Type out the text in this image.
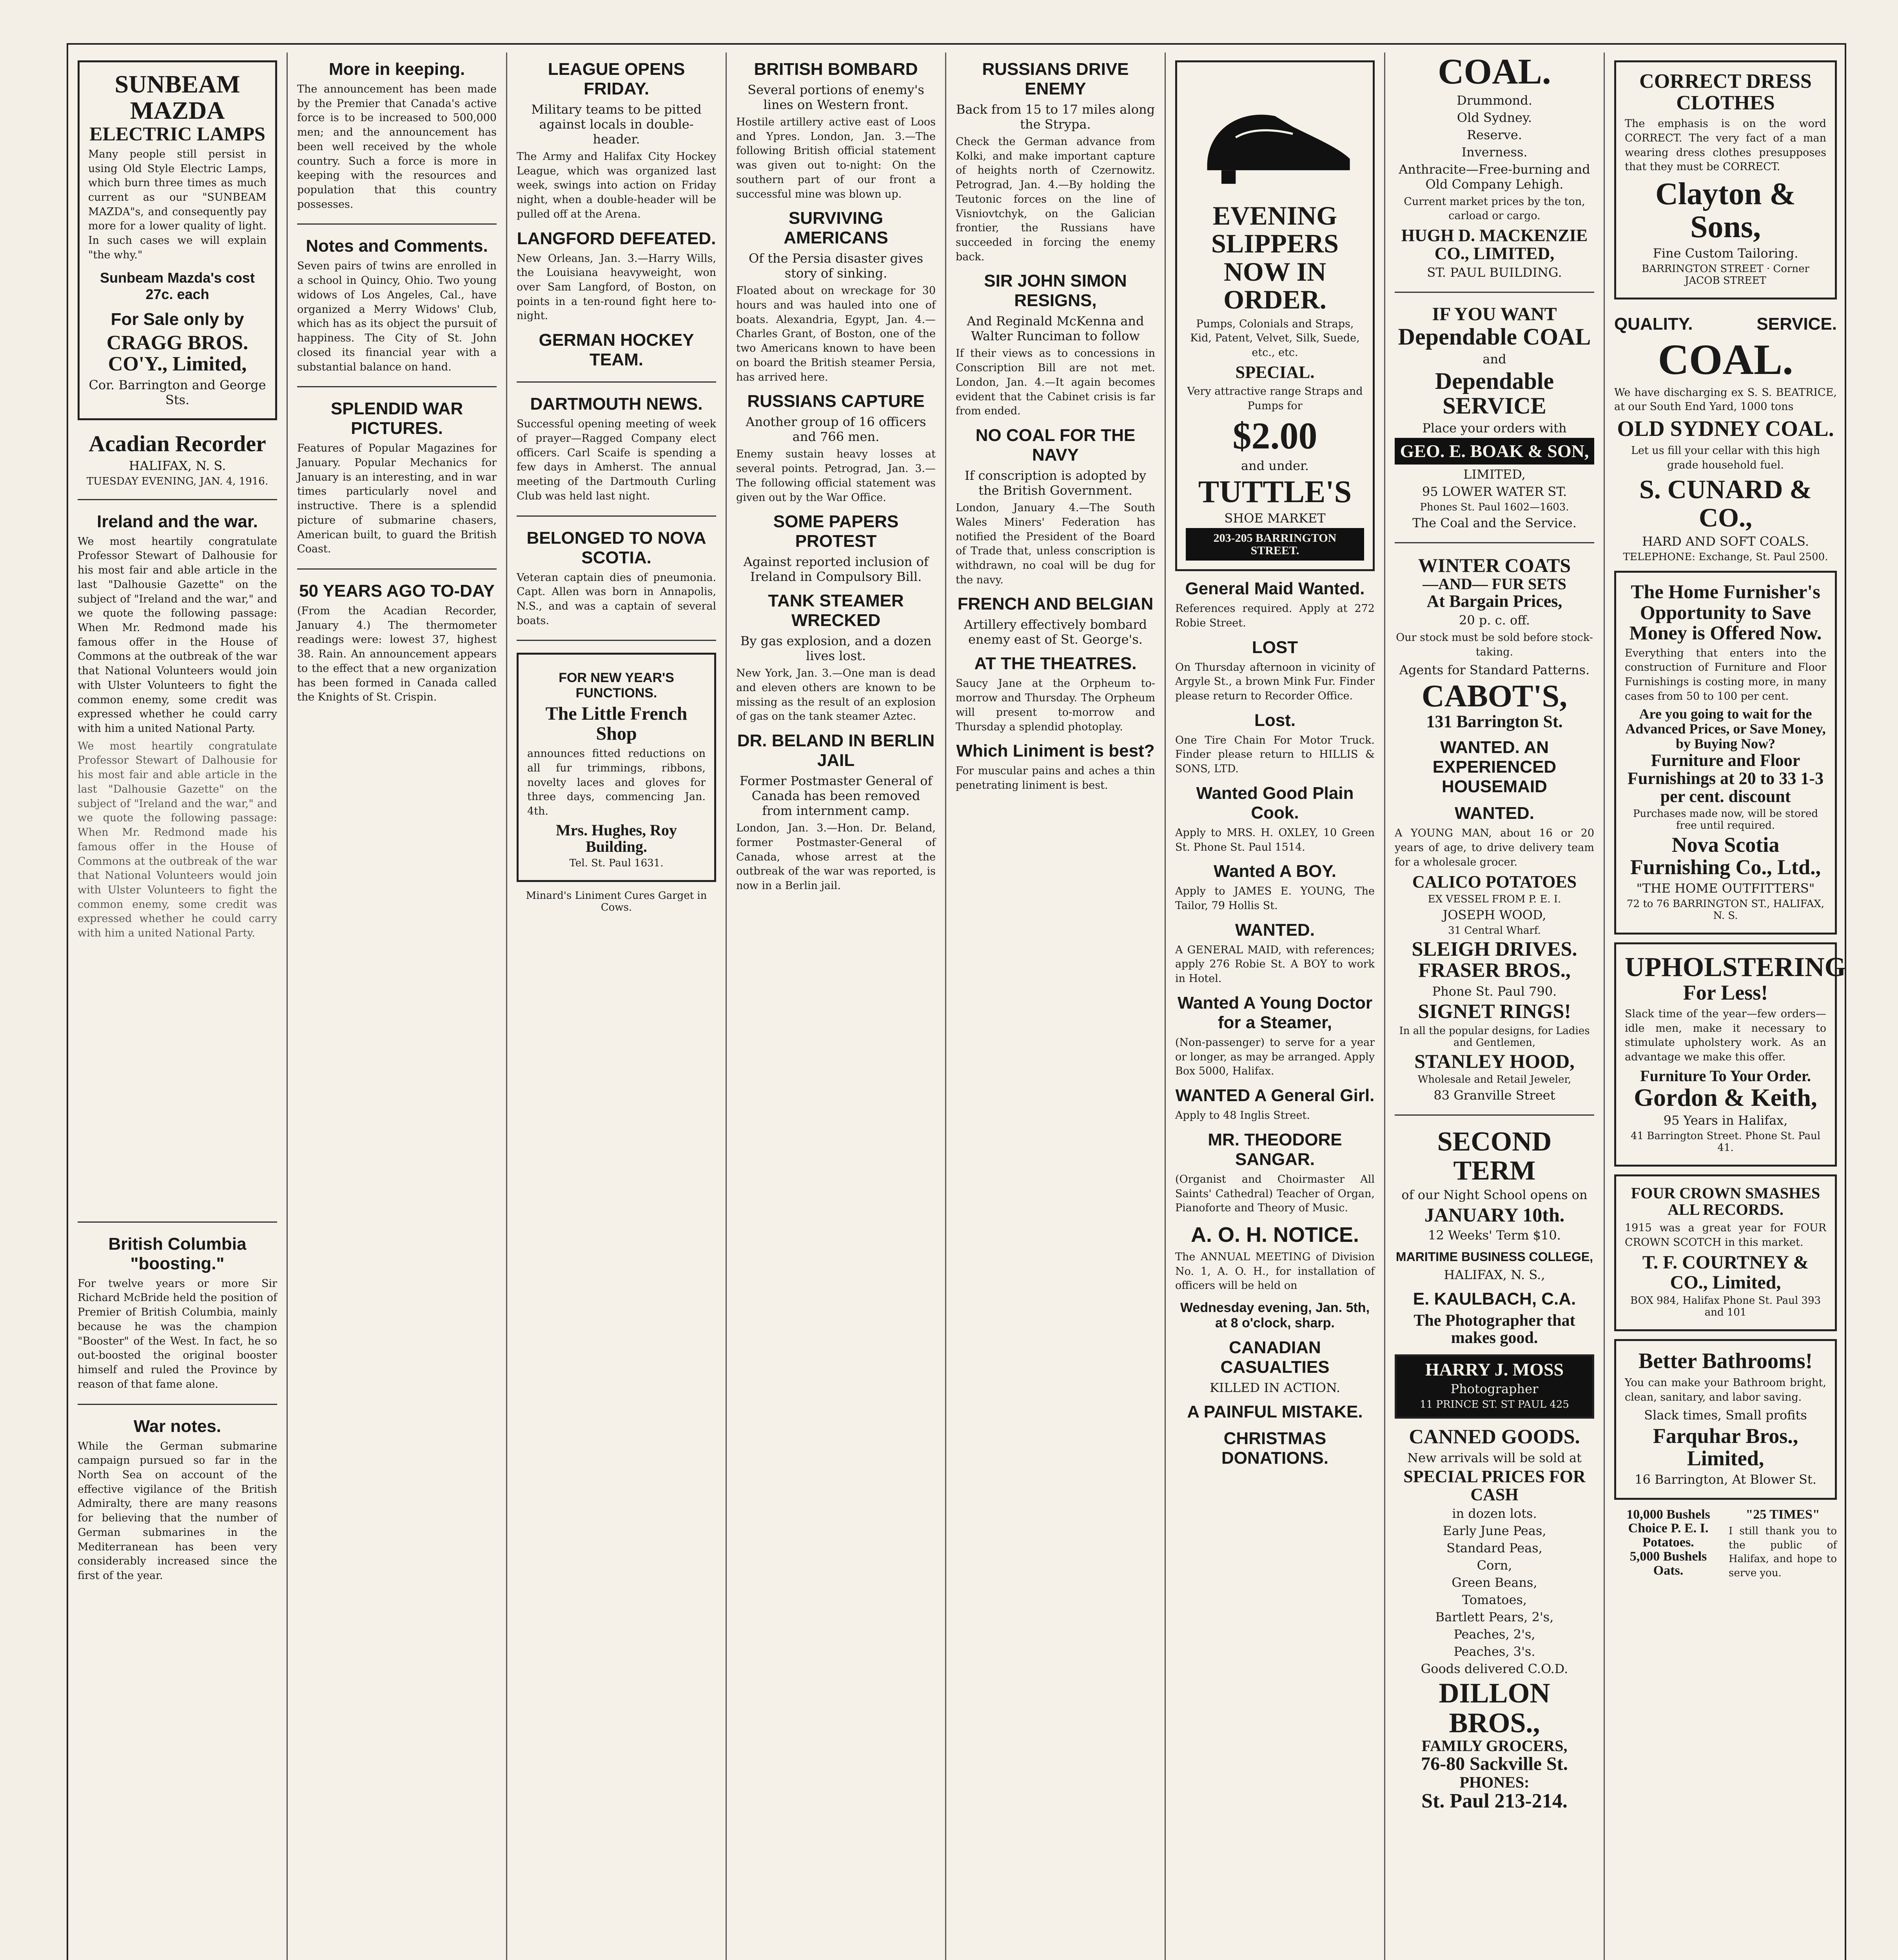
SUNBEAM MAZDA
ELECTRIC LAMPS

Many people still persist in using Old Style Electric Lamps, which burn three times as much current as our "SUNBEAM MAZDA"s, and consequently pay more for a lower quality of light. In such cases we will explain "the why."

Sunbeam Mazda's cost 27c. each
For Sale only by
CRAGG BROS. CO'Y., Limited,
Cor. Barrington and George Sts.
Acadian Recorder
HALIFAX, N. S.
TUESDAY EVENING, JAN. 4, 1916.
Ireland and the war.

We most heartily congratulate Professor Stewart of Dalhousie for his most fair and able article in the last "Dalhousie Gazette" on the subject of "Ireland and the war," and we quote the following passage: When Mr. Redmond made his famous offer in the House of Commons at the outbreak of the war that National Volunteers would join with Ulster Volunteers to fight the common enemy, some credit was expressed whether he could carry with him a united National Party.

We most heartily congratulate Professor Stewart of Dalhousie for his most fair and able article in the last "Dalhousie Gazette" on the subject of "Ireland and the war," and we quote the following passage: When Mr. Redmond made his famous offer in the House of Commons at the outbreak of the war that National Volunteers would join with Ulster Volunteers to fight the common enemy, some credit was expressed whether he could carry with him a united National Party.

British Columbia "boosting."

For twelve years or more Sir Richard McBride held the position of Premier of British Columbia, mainly because he was the champion "Booster" of the West. In fact, he so out-boosted the original booster himself and ruled the Province by reason of that fame alone.

War notes.

While the German submarine campaign pursued so far in the North Sea on account of the effective vigilance of the British Admiralty, there are many reasons for believing that the number of German submarines in the Mediterranean has been very considerably increased since the first of the year.

More in keeping.

The announcement has been made by the Premier that Canada's active force is to be increased to 500,000 men; and the announcement has been well received by the whole country. Such a force is more in keeping with the resources and population that this country possesses.

Notes and Comments.

Seven pairs of twins are enrolled in a school in Quincy, Ohio. Two young widows of Los Angeles, Cal., have organized a Merry Widows' Club, which has as its object the pursuit of happiness. The City of St. John closed its financial year with a substantial balance on hand.

SPLENDID WAR PICTURES.

Features of Popular Magazines for January. Popular Mechanics for January is an interesting, and in war times particularly novel and instructive. There is a splendid picture of submarine chasers, American built, to guard the British Coast.

50 YEARS AGO TO-DAY

(From the Acadian Recorder, January 4.) The thermometer readings were: lowest 37, highest 38. Rain. An announcement appears to the effect that a new organization has been formed in Canada called the Knights of St. Crispin.

LEAGUE OPENS FRIDAY.
Military teams to be pitted against locals in double-header.

The Army and Halifax City Hockey League, which was organized last week, swings into action on Friday night, when a double-header will be pulled off at the Arena.

LANGFORD DEFEATED.

New Orleans, Jan. 3.—Harry Wills, the Louisiana heavyweight, won over Sam Langford, of Boston, on points in a ten-round fight here to-night.

GERMAN HOCKEY TEAM.
DARTMOUTH NEWS.

Successful opening meeting of week of prayer—Ragged Company elect officers. Carl Scaife is spending a few days in Amherst. The annual meeting of the Dartmouth Curling Club was held last night.

BELONGED TO NOVA SCOTIA.

Veteran captain dies of pneumonia. Capt. Allen was born in Annapolis, N.S., and was a captain of several boats.

FOR NEW YEAR'S FUNCTIONS.
The Little French Shop

announces fitted reductions on all fur trimmings, ribbons, novelty laces and gloves for three days, commencing Jan. 4th.

Mrs. Hughes, Roy Building.
Tel. St. Paul 1631.
Minard's Liniment Cures Garget in Cows.
BRITISH BOMBARD
Several portions of enemy's lines on Western front.

Hostile artillery active east of Loos and Ypres. London, Jan. 3.—The following British official statement was given out to-night: On the southern part of our front a successful mine was blown up.

SURVIVING AMERICANS
Of the Persia disaster gives story of sinking.

Floated about on wreckage for 30 hours and was hauled into one of boats. Alexandria, Egypt, Jan. 4.—Charles Grant, of Boston, one of the two Americans known to have been on board the British steamer Persia, has arrived here.

RUSSIANS CAPTURE
Another group of 16 officers and 766 men.

Enemy sustain heavy losses at several points. Petrograd, Jan. 3.—The following official statement was given out by the War Office.

SOME PAPERS PROTEST
Against reported inclusion of Ireland in Compulsory Bill.
TANK STEAMER WRECKED
By gas explosion, and a dozen lives lost.

New York, Jan. 3.—One man is dead and eleven others are known to be missing as the result of an explosion of gas on the tank steamer Aztec.

DR. BELAND IN BERLIN JAIL
Former Postmaster General of Canada has been removed from internment camp.

London, Jan. 3.—Hon. Dr. Beland, former Postmaster-General of Canada, whose arrest at the outbreak of the war was reported, is now in a Berlin jail.

RUSSIANS DRIVE ENEMY
Back from 15 to 17 miles along the Strypa.

Check the German advance from Kolki, and make important capture of heights north of Czernowitz. Petrograd, Jan. 4.—By holding the Teutonic forces on the line of Visniovtchyk, on the Galician frontier, the Russians have succeeded in forcing the enemy back.

SIR JOHN SIMON RESIGNS,
And Reginald McKenna and Walter Runciman to follow

If their views as to concessions in Conscription Bill are not met. London, Jan. 4.—It again becomes evident that the Cabinet crisis is far from ended.

NO COAL FOR THE NAVY
If conscription is adopted by the British Government.

London, January 4.—The South Wales Miners' Federation has notified the President of the Board of Trade that, unless conscription is withdrawn, no coal will be dug for the navy.

FRENCH AND BELGIAN
Artillery effectively bombard enemy east of St. George's.
AT THE THEATRES.

Saucy Jane at the Orpheum to-morrow and Thursday. The Orpheum will present to-morrow and Thursday a splendid photoplay.

Which Liniment is best?

For muscular pains and aches a thin penetrating liniment is best.

EVENING SLIPPERS NOW IN ORDER.

Pumps, Colonials and Straps, Kid, Patent, Velvet, Silk, Suede, etc., etc.

SPECIAL.

Very attractive range Straps and Pumps for

$2.00
and under.
TUTTLE'S
SHOE MARKET
203-205 BARRINGTON STREET.
General Maid Wanted.

References required. Apply at 272 Robie Street.

LOST

On Thursday afternoon in vicinity of Argyle St., a brown Mink Fur. Finder please return to Recorder Office.

Lost.

One Tire Chain For Motor Truck. Finder please return to HILLIS & SONS, LTD.

Wanted Good Plain Cook.

Apply to MRS. H. OXLEY, 10 Green St. Phone St. Paul 1514.

Wanted A BOY.

Apply to JAMES E. YOUNG, The Tailor, 79 Hollis St.

WANTED.

A GENERAL MAID, with references; apply 276 Robie St. A BOY to work in Hotel.

Wanted A Young Doctor for a Steamer,

(Non-passenger) to serve for a year or longer, as may be arranged. Apply Box 5000, Halifax.

WANTED A General Girl.

Apply to 48 Inglis Street.

MR. THEODORE SANGAR.

(Organist and Choirmaster All Saints' Cathedral) Teacher of Organ, Pianoforte and Theory of Music.

A. O. H. NOTICE.

The ANNUAL MEETING of Division No. 1, A. O. H., for installation of officers will be held on

Wednesday evening, Jan. 5th, at 8 o'clock, sharp.
CANADIAN CASUALTIES
KILLED IN ACTION.
A PAINFUL MISTAKE.
CHRISTMAS DONATIONS.
COAL.
Drummond.
Old Sydney.
Reserve.
Inverness.
Anthracite—Free-burning and Old Company Lehigh.

Current market prices by the ton, carload or cargo.

HUGH D. MACKENZIE CO., LIMITED,
ST. PAUL BUILDING.
IF YOU WANT
Dependable COAL
and
Dependable SERVICE
Place your orders with
GEO. E. BOAK & SON,
LIMITED,
95 LOWER WATER ST.
Phones St. Paul 1602—1603.
The Coal and the Service.
WINTER COATS
—AND— FUR SETS
At Bargain Prices,
20 p. c. off.

Our stock must be sold before stock-taking.

Agents for Standard Patterns.
CABOT'S,
131 Barrington St.
WANTED. AN EXPERIENCED HOUSEMAID
WANTED.

A YOUNG MAN, about 16 or 20 years of age, to drive delivery team for a wholesale grocer.

CALICO POTATOES
EX VESSEL FROM P. E. I.
JOSEPH WOOD,
31 Central Wharf.
SLEIGH DRIVES.
FRASER BROS.,
Phone St. Paul 790.
SIGNET RINGS!
In all the popular designs, for Ladies and Gentlemen,
STANLEY HOOD,
Wholesale and Retail Jeweler,
83 Granville Street
SECOND TERM
of our Night School opens on
JANUARY 10th.
12 Weeks' Term $10.
MARITIME BUSINESS COLLEGE,
HALIFAX, N. S.,
E. KAULBACH, C.A.
The Photographer that makes good.
HARRY J. MOSS
Photographer
11 PRINCE ST. ST PAUL 425
CANNED GOODS.
New arrivals will be sold at
SPECIAL PRICES FOR CASH
in dozen lots.
Early June Peas,
Standard Peas,
Corn,
Green Beans,
Tomatoes,
Bartlett Pears, 2's,
Peaches, 2's,
Peaches, 3's.
Goods delivered C.O.D.
DILLON BROS.,
FAMILY GROCERS,
76-80 Sackville St.
PHONES:
St. Paul 213-214.
CORRECT DRESS CLOTHES

The emphasis is on the word CORRECT. The very fact of a man wearing dress clothes presupposes that they must be CORRECT.

Clayton & Sons,
Fine Custom Tailoring.
BARRINGTON STREET · Corner JACOB STREET
QUALITY.	SERVICE.
COAL.

We have discharging ex S. S. BEATRICE, at our South End Yard, 1000 tons

OLD SYDNEY COAL.

Let us fill your cellar with this high grade household fuel.

S. CUNARD & CO.,
HARD AND SOFT COALS.
TELEPHONE: Exchange, St. Paul 2500.
The Home Furnisher's Opportunity to Save Money is Offered Now.

Everything that enters into the construction of Furniture and Floor Furnishings is costing more, in many cases from 50 to 100 per cent.

Are you going to wait for the Advanced Prices, or Save Money, by Buying Now?
Furniture and Floor Furnishings at 20 to 33 1-3 per cent. discount
Purchases made now, will be stored free until required.
Nova Scotia Furnishing Co., Ltd.,
"THE HOME OUTFITTERS"
72 to 76 BARRINGTON ST., HALIFAX, N. S.
UPHOLSTERING
For Less!

Slack time of the year—few orders—idle men, make it necessary to stimulate upholstery work. As an advantage we make this offer.

Furniture To Your Order.
Gordon & Keith,
95 Years in Halifax,
41 Barrington Street. Phone St. Paul 41.
FOUR CROWN SMASHES ALL RECORDS.

1915 was a great year for FOUR CROWN SCOTCH in this market.

T. F. COURTNEY & CO., Limited,
BOX 984, Halifax Phone St. Paul 393 and 101
Better Bathrooms!

You can make your Bathroom bright, clean, sanitary, and labor saving.

Slack times, Small profits
Farquhar Bros., Limited,
16 Barrington, At Blower St.
10,000 Bushels Choice P. E. I. Potatoes.
5,000 Bushels Oats.
"25 TIMES"

I still thank you to the public of Halifax, and hope to serve you.
